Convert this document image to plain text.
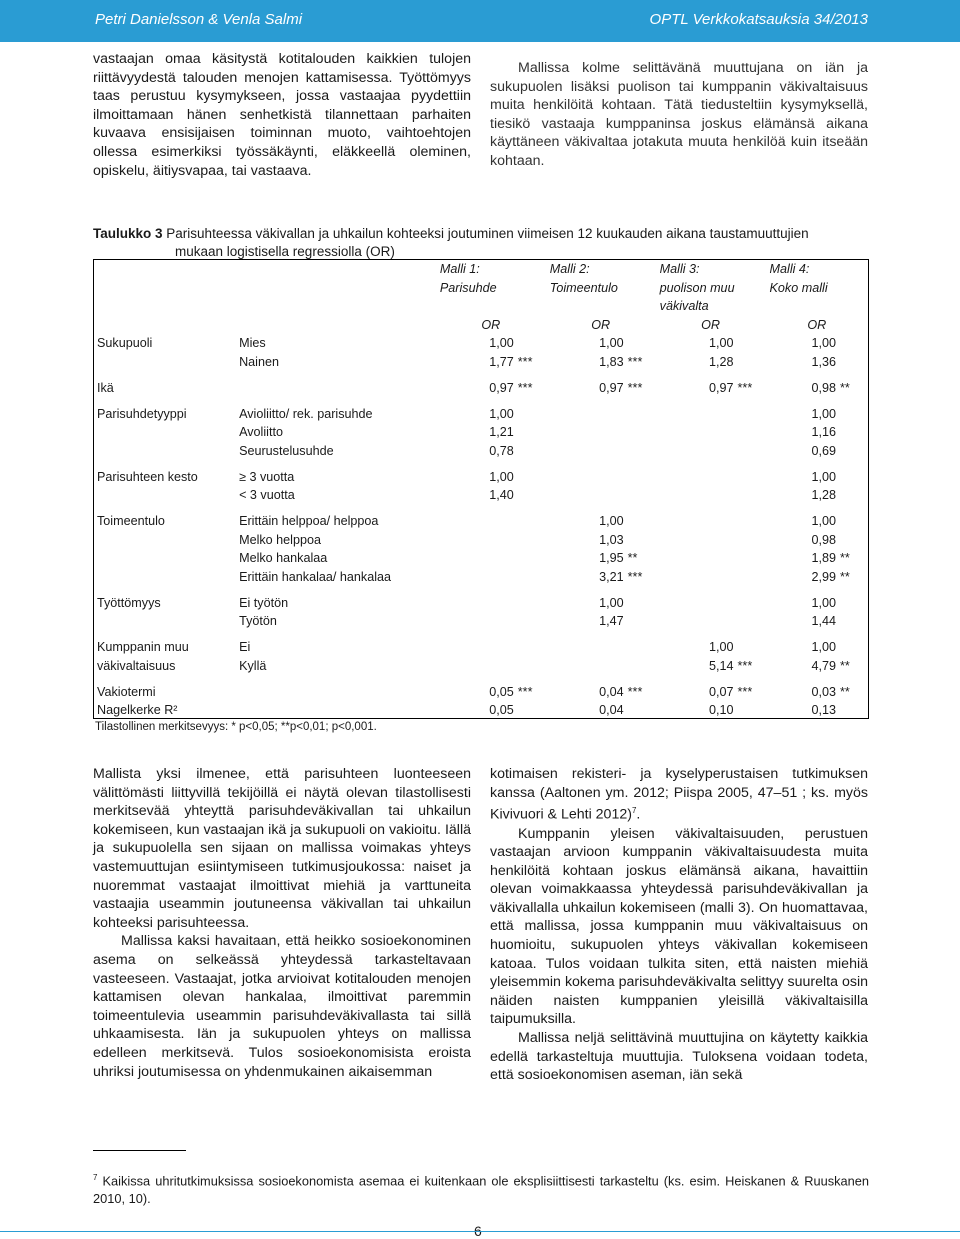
Petri Danielsson & Venla Salmi	OPTL Verkkokatsauksia 34/2013

vastaajan omaa käsitystä kotitalouden kaikkien tulojen riittävyydestä talouden menojen kattamisessa. Työttömyys taas perustuu kysymykseen, jossa vastaajaa pyydettiin ilmoittamaan hänen senhetkistä tilannettaan parhaiten kuvaava ensisijaisen toiminnan muoto, vaihtoehtojen ollessa esimerkiksi työssäkäynti, eläkkeellä oleminen, opiskelu, äitiysvapaa, tai vastaava.

Mallissa kolme selittävänä muuttujana on iän ja sukupuolen lisäksi puolison tai kumppanin väkivaltaisuus muita henkilöitä kohtaan. Tätä tiedusteltiin kysymyksellä, tiesikö vastaaja kumppaninsa joskus elämänsä aikana käyttäneen väkivaltaa jotakuta muuta henkilöä kuin itseään kohtaan.

Taulukko 3 Parisuhteessa väkivallan ja uhkailun kohteeksi joutuminen viimeisen 12 kuukauden aikana taustamuuttujien
mukaan logistisella regressiolla (OR)
		Malli 1:	Malli 2:	Malli 3:	Malli 4:
		Parisuhde	Toimeentulo	puolison muu	Koko malli
				väkivalta	
		OR	OR	OR	OR
Sukupuoli	Mies	1,00	1,00	1,00	1,00
	Nainen	1,77 ***	1,83 ***	1,28	1,36

Ikä		0,97 ***	0,97 ***	0,97 ***	0,98 **

Parisuhdetyyppi	Avioliitto/ rek. parisuhde	1,00			1,00
	Avoliitto	1,21			1,16
	Seurustelusuhde	0,78			0,69

Parisuhteen kesto	≥ 3 vuotta	1,00			1,00
	< 3 vuotta	1,40			1,28

Toimeentulo	Erittäin helppoa/ helppoa		1,00		1,00
	Melko helppoa		1,03		0,98
	Melko hankalaa		1,95 **		1,89 **
	Erittäin hankalaa/ hankalaa		3,21 ***		2,99 **

Työttömyys	Ei työtön		1,00		1,00
	Työtön		1,47		1,44

Kumppanin muu	Ei			1,00	1,00
väkivaltaisuus	Kyllä			5,14 ***	4,79 **

Vakiotermi		0,05 ***	0,04 ***	0,07 ***	0,03 **
Nagelkerke R²		0,05	0,04	0,10	0,13
Tilastollinen merkitsevyys: * p<0,05; **p<0,01; p<0,001.

Mallista yksi ilmenee, että parisuhteen luonteeseen välittömästi liittyvillä tekijöillä ei näytä olevan tilastollisesti merkitsevää yhteyttä parisuhdeväkivallan tai uhkailun kokemiseen, kun vastaajan ikä ja sukupuoli on vakioitu. Iällä ja sukupuolella sen sijaan on mallissa voimakas yhteys vastemuuttujan esiintymiseen tutkimusjoukossa: naiset ja nuoremmat vastaajat ilmoittivat miehiä ja varttuneita vastaajia useammin joutuneensa väkivallan tai uhkailun kohteeksi parisuhteessa.

Mallissa kaksi havaitaan, että heikko sosioekonominen asema on selkeässä yhteydessä tarkasteltavaan vasteeseen. Vastaajat, jotka arvioivat kotitalouden menojen kattamisen olevan hankalaa, ilmoittivat paremmin toimeentulevia useammin parisuhdeväkivallasta tai sillä uhkaamisesta. Iän ja sukupuolen yhteys on mallissa edelleen merkitsevä. Tulos sosioekonomisista eroista uhriksi joutumisessa on yhdenmukainen aikaisemman

kotimaisen rekisteri- ja kyselyperustaisen tutkimuksen kanssa (Aaltonen ym. 2012; Piispa 2005, 47–51 ; ks. myös Kivivuori & Lehti 2012)$^7$.

Kumppanin yleisen väkivaltaisuuden, perustuen vastaajan arvioon kumppanin väkivaltaisuudesta muita henkilöitä kohtaan joskus elämänsä aikana, havaittiin olevan voimakkaassa yhteydessä parisuhdeväkivallan ja väkivallalla uhkailun kokemiseen (malli 3). On huomattavaa, että mallissa, jossa kumppanin muu väkivaltaisuus on huomioitu, sukupuolen yhteys väkivallan kokemiseen katoaa. Tulos voidaan tulkita siten, että naisten miehiä yleisemmin kokema parisuhdeväkivalta selittyy suurelta osin näiden naisten kumppanien yleisillä väkivaltaisilla taipumuksilla.

Mallissa neljä selittävinä muuttujina on käytetty kaikkia edellä tarkasteltuja muuttujia. Tuloksena voidaan todeta, että sosioekonomisen aseman, iän sekä

$^7$ Kaikissa uhritutkimuksissa sosioekonomista asemaa ei kuitenkaan ole eksplisiittisesti tarkasteltu (ks. esim. Heiskanen & Ruuskanen 2010, 10).
6
